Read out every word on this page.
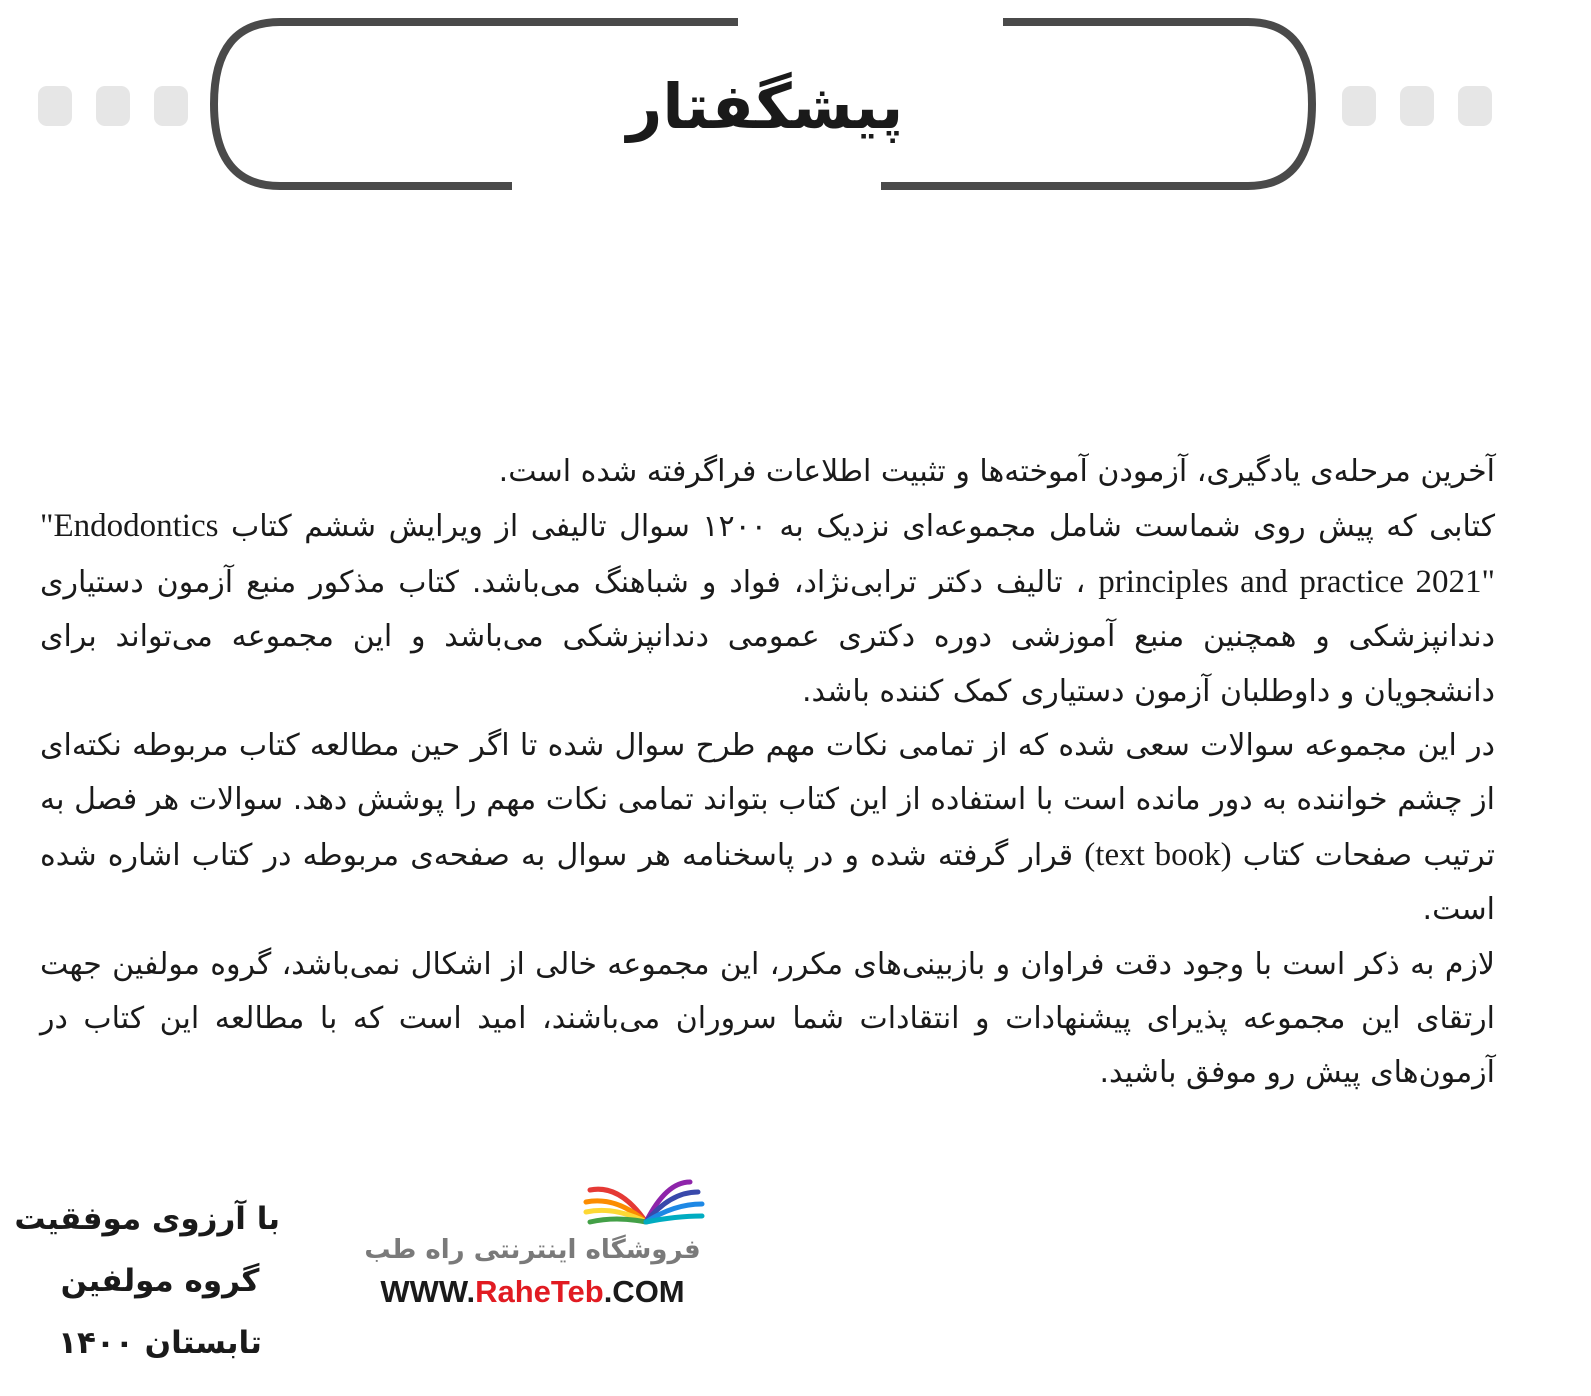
پیشگفتار

آخرین مرحله‌ی یادگیری، آزمودن آموخته‌ها و تثبیت اطلاعات فراگرفته شده است.

کتابی که پیش روی شماست شامل مجموعه‌ای نزدیک به ۱۲۰۰ سوال تالیفی از ویرایش ششم کتاب "Endodontics principles and practice 2021" ، تالیف دکتر ترابی‌نژاد، فواد و شباهنگ می‌باشد. کتاب مذکور منبع آزمون دستیاری دندانپزشکی و همچنین منبع آموزشی دوره دکتری عمومی دندانپزشکی می‌باشد و این مجموعه می‌تواند برای دانشجویان و داوطلبان آزمون دستیاری کمک کننده باشد.

در این مجموعه سوالات سعی شده که از تمامی نکات مهم طرح سوال شده تا اگر حین مطالعه کتاب مربوطه نکته‌ای از چشم خواننده به دور مانده است با استفاده از این کتاب بتواند تمامی نکات مهم را پوشش دهد. سوالات هر فصل به ترتیب صفحات کتاب (text book) قرار گرفته شده و در پاسخنامه هر سوال به صفحه‌ی مربوطه در کتاب اشاره شده است.

لازم به ذکر است با وجود دقت فراوان و بازبینی‌های مکرر، این مجموعه خالی از اشکال نمی‌باشد، گروه مولفین جهت ارتقای این مجموعه پذیرای پیشنهادات و انتقادات شما سروران می‌باشند، امید است که با مطالعه این کتاب در آزمون‌های پیش رو موفق باشید.

با آرزوی موفقیت
گروه مولفین
تابستان ۱۴۰۰
فروشگاه اینترنتی راه طب
WWW.RaheTeb.COM
